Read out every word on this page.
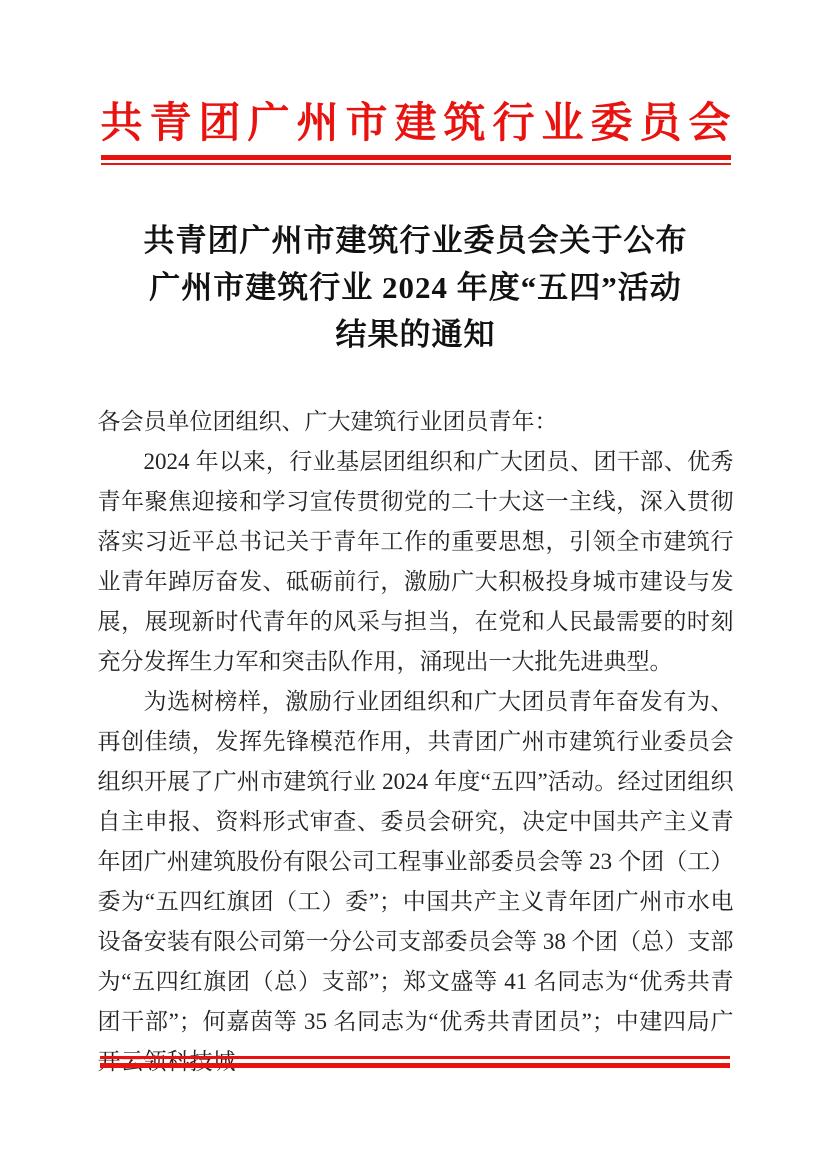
共青团广州市建筑行业委员会
共青团广州市建筑行业委员会关于公布
广州市建筑行业 2024 年度“五四”活动
结果的通知

各会员单位团组织、广大建筑行业团员青年：

2024 年以来，行业基层团组织和广大团员、团干部、优秀青年聚焦迎接和学习宣传贯彻党的二十大这一主线，深入贯彻落实习近平总书记关于青年工作的重要思想，引领全市建筑行业青年踔厉奋发、砥砺前行，激励广大积极投身城市建设与发展，展现新时代青年的风采与担当，在党和人民最需要的时刻充分发挥生力军和突击队作用，涌现出一大批先进典型。

为选树榜样，激励行业团组织和广大团员青年奋发有为、再创佳绩，发挥先锋模范作用，共青团广州市建筑行业委员会组织开展了广州市建筑行业 2024 年度“五四”活动。经过团组织自主申报、资料形式审查、委员会研究，决定中国共产主义青年团广州建筑股份有限公司工程事业部委员会等 23 个团（工）委为“五四红旗团（工）委”；中国共产主义青年团广州市水电设备安装有限公司第一分公司支部委员会等 38 个团（总）支部为“五四红旗团（总）支部”；郑文盛等 41 名同志为“优秀共青团干部”；何嘉茵等 35 名同志为“优秀共青团员”；中建四局广开云领科技城
